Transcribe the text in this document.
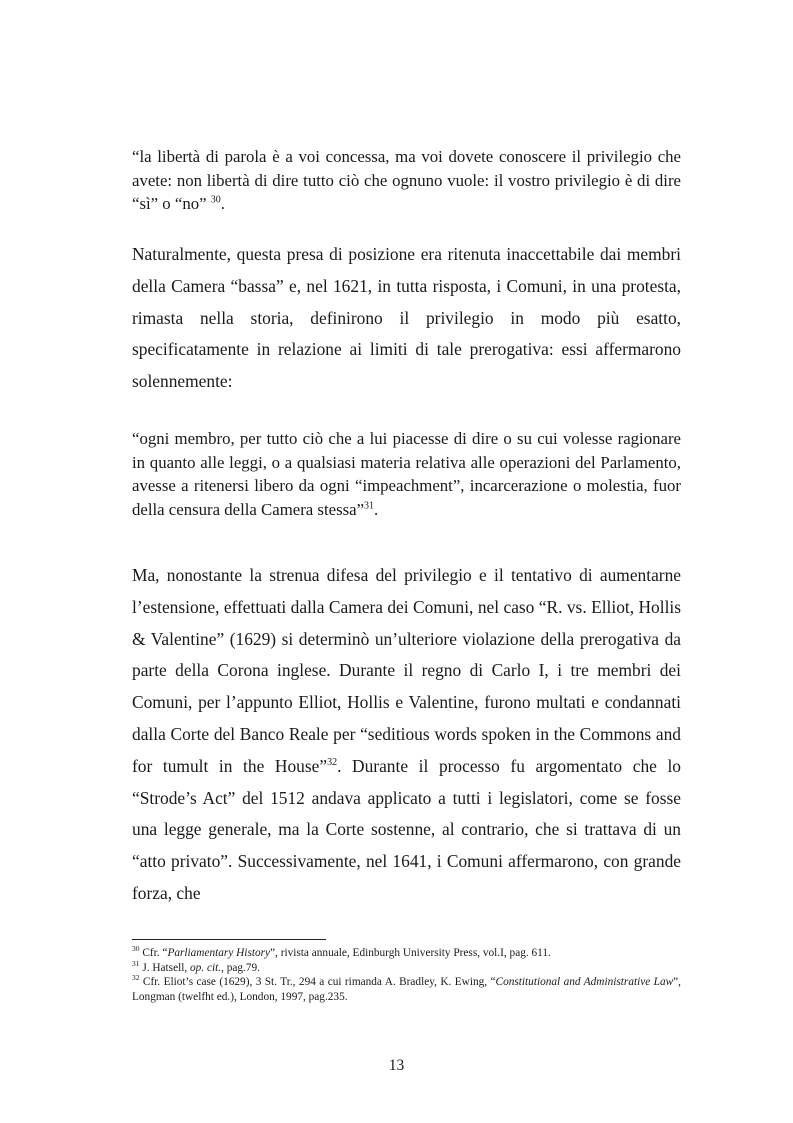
“la libertà di parola è a voi concessa, ma voi dovete conoscere il privilegio che avete: non libertà di dire tutto ciò che ognuno vuole: il vostro privilegio è di dire “sì” o “no” $^{30}$.

Naturalmente, questa presa di posizione era ritenuta inaccettabile dai membri della Camera “bassa” e, nel 1621, in tutta risposta, i Comuni, in una protesta, rimasta nella storia, definirono il privilegio in modo più esatto, specificatamente in relazione ai limiti di tale prerogativa: essi affermarono solennemente:

“ogni membro, per tutto ciò che a lui piacesse di dire o su cui volesse ragionare in quanto alle leggi, o a qualsiasi materia relativa alle operazioni del Parlamento, avesse a ritenersi libero da ogni “impeachment”, incarcerazione o molestia, fuor della censura della Camera stessa”$^{31}$.

Ma, nonostante la strenua difesa del privilegio e il tentativo di aumentarne l’estensione, effettuati dalla Camera dei Comuni, nel caso “R. vs. Elliot, Hollis & Valentine” (1629) si determinò un’ulteriore violazione della prerogativa da parte della Corona inglese. Durante il regno di Carlo I, i tre membri dei Comuni, per l’appunto Elliot, Hollis e Valentine, furono multati e condannati dalla Corte del Banco Reale per “seditious words spoken in the Commons and for tumult in the House”$^{32}$. Durante il processo fu argomentato che lo “Strode’s Act” del 1512 andava applicato a tutti i legislatori, come se fosse una legge generale, ma la Corte sostenne, al contrario, che si trattava di un “atto privato”. Successivamente, nel 1641, i Comuni affermarono, con grande forza, che

$^{30}$ Cfr. “Parliamentary History”, rivista annuale, Edinburgh University Press, vol.I, pag. 611.

$^{31}$ J. Hatsell, op. cit., pag.79.

$^{32}$ Cfr. Eliot’s case (1629), 3 St. Tr., 294 a cui rimanda A. Bradley, K. Ewing, “Constitutional and Administrative Law”, Longman (twelfht ed.), London, 1997, pag.235.

13
